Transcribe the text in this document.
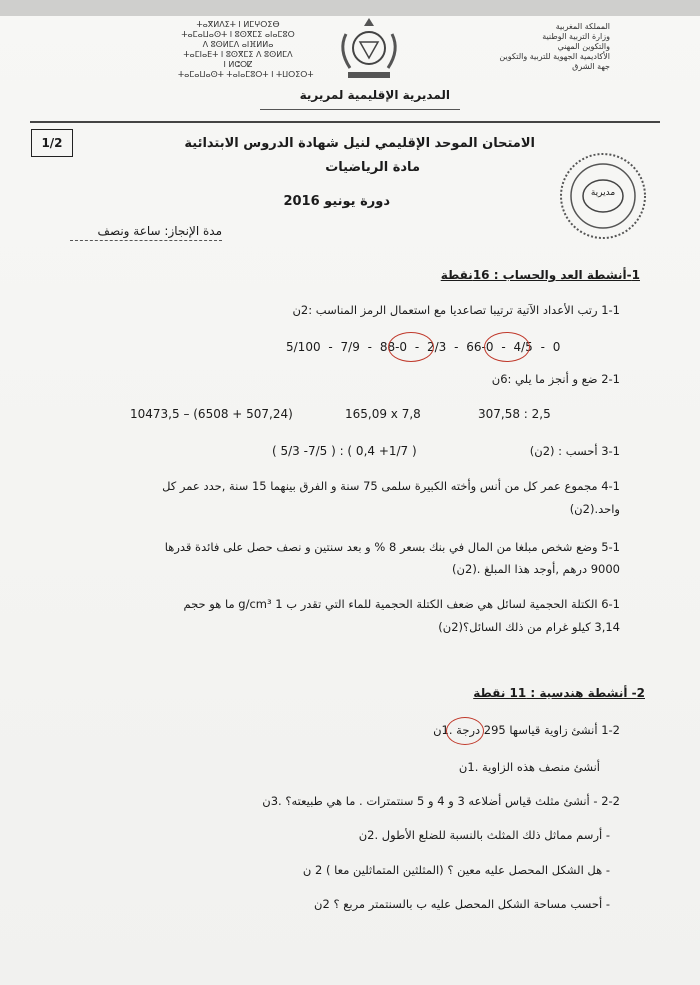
ⵜⴰⴳⵍⴷⵉⵜ ⵏ ⵍⵎⵖⵔⵉⴱ
ⵜⴰⵎⴰⵡⴰⵙⵜ ⵏ ⵓⵙⴳⵎⵉ ⴰⵏⴰⵎⵓⵔ
ⴷ ⵓⵙⵍⵎⴷ ⴰⵏⴼⵍⵍⴰ
ⵜⴰⵎⵏⴰⴹⵜ ⵏ ⵓⵙⴳⵎⵉ ⴷ ⵓⵙⵍⵎⴷ
ⵏ ⵍⵛⵔⵇ
ⵜⴰⵎⴰⵡⴰⵙⵜ ⵜⴰⵏⴰⵎⵓⵔⵜ ⵏ ⵜⵡⵔⵉⵔⵜ
المملكة المغربية
وزارة التربية الوطنية
والتكوين المهني
الأكاديمية الجهوية للتربية والتكوين
جهة الشرق
المديرية الإقليمية لمريرية
1/2	الامتحان الموحد الإقليمي لنيل شهادة الدروس الابتدائية
مادة الرياضيات
دورة يونيو 2016
مدة الإنجاز: ساعة ونصف
مديرية
1-أنشطة العد والحساب : 16نقطة
1-1 رتب الأعداد الآتية ترتيبا تصاعديا مع استعمال الرمز المناسب :2ن
5/100 - 7/9 - 88-0 - 2/3 - 66-0 - 4/5 - 0
2-1 ضع و أنجز ما يلي :6ن
10473,5 – (6508 + 507,24)	165,09 x 7,8	307,58 : 2,5
3-1 أحسب : (2ن)
( 5/3 -7/5 ) : ( 0,4 +1/7 )
4-1 مجموع عمر كل من أنس وأخته الكبيرة سلمى 75 سنة و الفرق بينهما 15 سنة ,حدد عمر كل
واحد.(2ن)
5-1 وضع شخص مبلغا من المال في بنك بسعر 8 % و بعد سنتين و نصف حصل على فائدة قدرها
9000 درهم ,أوجد هذا المبلغ .(2ن)
6-1 الكتلة الحجمية لسائل هي ضعف الكتلة الحجمية للماء التي تقدر ب g/cm³ 1 ما هو حجم
3,14 كيلو غرام من ذلك السائل؟(2ن)
2- أنشطة هندسية : 11 نقطة
1-2 أنشئ زاوية قياسها 295 درجة .1ن
أنشئ منصف هذه الزاوية .1ن
2-2 - أنشئ مثلث قياس أضلاعه 3 و 4 و 5 سنتمترات . ما هي طبيعته؟ .3ن
- أرسم مماثل ذلك المثلث بالنسبة للضلع الأطول .2ن
- هل الشكل المحصل عليه معين ؟ (المثلثين المتماثلين معا ) 2 ن
- أحسب مساحة الشكل المحصل عليه ب بالسنتمتر مربع ؟ 2ن
